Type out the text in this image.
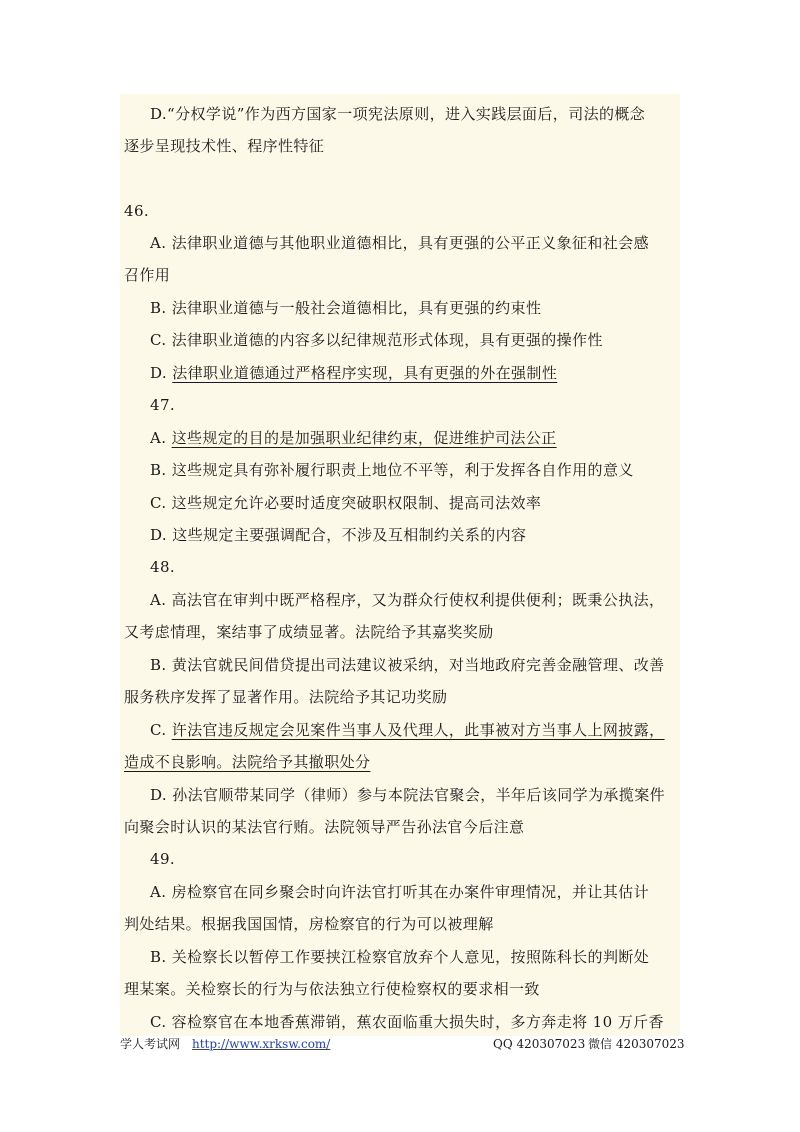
D.“分权学说”作为西方国家一项宪法原则，进入实践层面后，司法的概念
逐步呈现技术性、程序性特征
46.
A. 法律职业道德与其他职业道德相比，具有更强的公平正义象征和社会感
召作用
B. 法律职业道德与一般社会道德相比，具有更强的约束性
C. 法律职业道德的内容多以纪律规范形式体现，具有更强的操作性
D. 法律职业道德通过严格程序实现，具有更强的外在强制性
47.
A. 这些规定的目的是加强职业纪律约束，促进维护司法公正
B. 这些规定具有弥补履行职责上地位不平等，利于发挥各自作用的意义
C. 这些规定允许必要时适度突破职权限制、提高司法效率
D. 这些规定主要强调配合，不涉及互相制约关系的内容
48.
A. 高法官在审判中既严格程序，又为群众行使权利提供便利；既秉公执法，
又考虑情理，案结事了成绩显著。法院给予其嘉奖奖励
B. 黄法官就民间借贷提出司法建议被采纳，对当地政府完善金融管理、改善
服务秩序发挥了显著作用。法院给予其记功奖励
C. 许法官违反规定会见案件当事人及代理人，此事被对方当事人上网披露，
造成不良影响。法院给予其撤职处分
D. 孙法官顺带某同学（律师）参与本院法官聚会，半年后该同学为承揽案件
向聚会时认识的某法官行贿。法院领导严告孙法官今后注意
49.
A. 房检察官在同乡聚会时向许法官打听其在办案件审理情况，并让其估计
判处结果。根据我国国情，房检察官的行为可以被理解
B. 关检察长以暂停工作要挟江检察官放弃个人意见，按照陈科长的判断处
理某案。关检察长的行为与依法独立行使检察权的要求相一致
C. 容检察官在本地香蕉滞销，蕉农面临重大损失时，多方奔走将 10 万斤香
学人考试网 http://www.xrksw.com/	QQ 420307023 微信 420307023
